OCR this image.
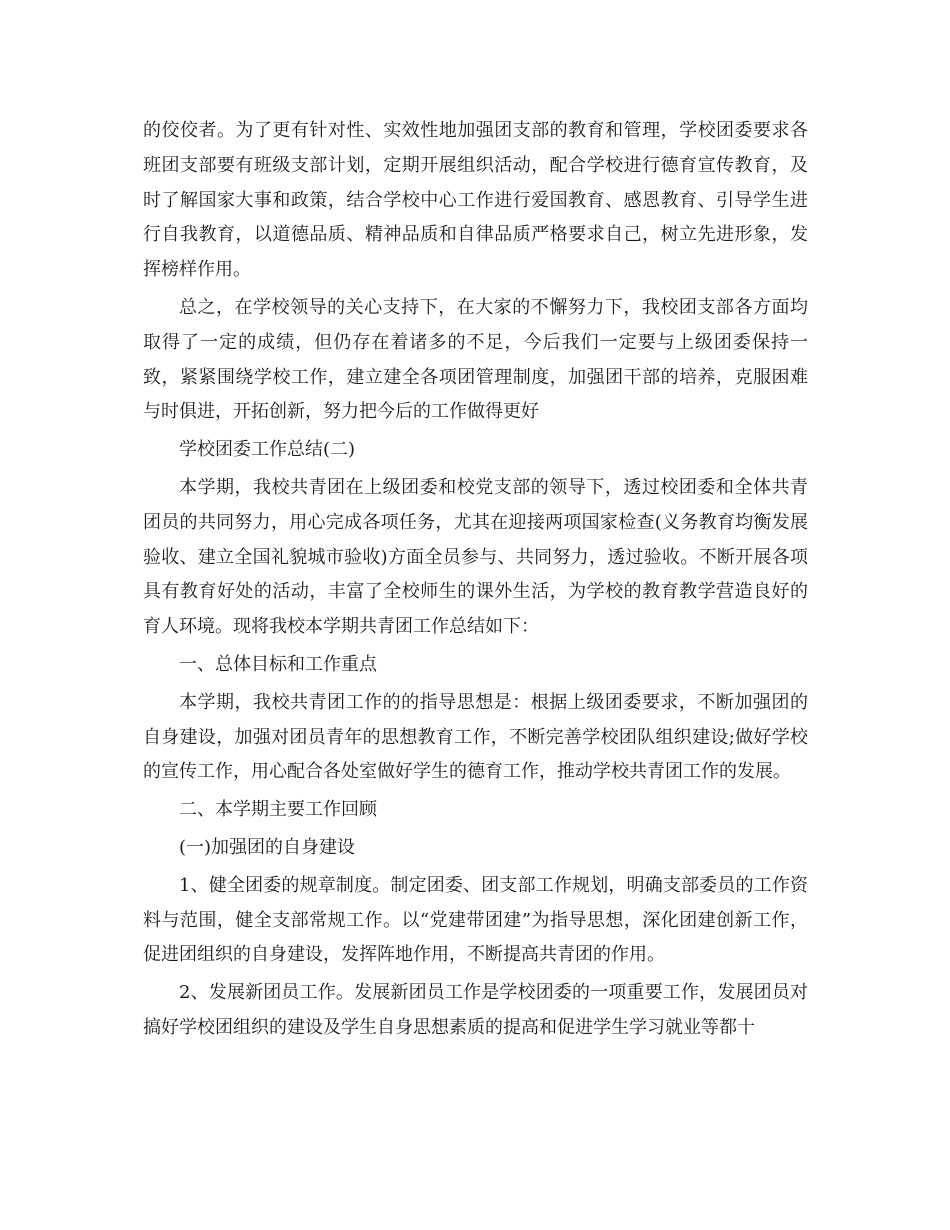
的佼佼者。为了更有针对性、实效性地加强团支部的教育和管理，学校团委要求各班团支部要有班级支部计划，定期开展组织活动，配合学校进行德育宣传教育，及时了解国家大事和政策，结合学校中心工作进行爱国教育、感恩教育、引导学生进行自我教育，以道德品质、精神品质和自律品质严格要求自己，树立先进形象，发挥榜样作用。

总之，在学校领导的关心支持下，在大家的不懈努力下，我校团支部各方面均取得了一定的成绩，但仍存在着诸多的不足，今后我们一定要与上级团委保持一致，紧紧围绕学校工作，建立建全各项团管理制度，加强团干部的培养，克服困难与时俱进，开拓创新，努力把今后的工作做得更好

学校团委工作总结(二)

本学期，我校共青团在上级团委和校党支部的领导下，透过校团委和全体共青团员的共同努力，用心完成各项任务，尤其在迎接两项国家检查(义务教育均衡发展验收、建立全国礼貌城市验收)方面全员参与、共同努力，透过验收。不断开展各项具有教育好处的活动，丰富了全校师生的课外生活，为学校的教育教学营造良好的育人环境。现将我校本学期共青团工作总结如下：

一、总体目标和工作重点

本学期，我校共青团工作的的指导思想是：根据上级团委要求，不断加强团的自身建设，加强对团员青年的思想教育工作，不断完善学校团队组织建设;做好学校的宣传工作，用心配合各处室做好学生的德育工作，推动学校共青团工作的发展。

二、本学期主要工作回顾

(一)加强团的自身建设

1、健全团委的规章制度。制定团委、团支部工作规划，明确支部委员的工作资料与范围，健全支部常规工作。以“党建带团建”为指导思想，深化团建创新工作，促进团组织的自身建设，发挥阵地作用，不断提高共青团的作用。

2、发展新团员工作。发展新团员工作是学校团委的一项重要工作，发展团员对搞好学校团组织的建设及学生自身思想素质的提高和促进学生学习就业等都十
